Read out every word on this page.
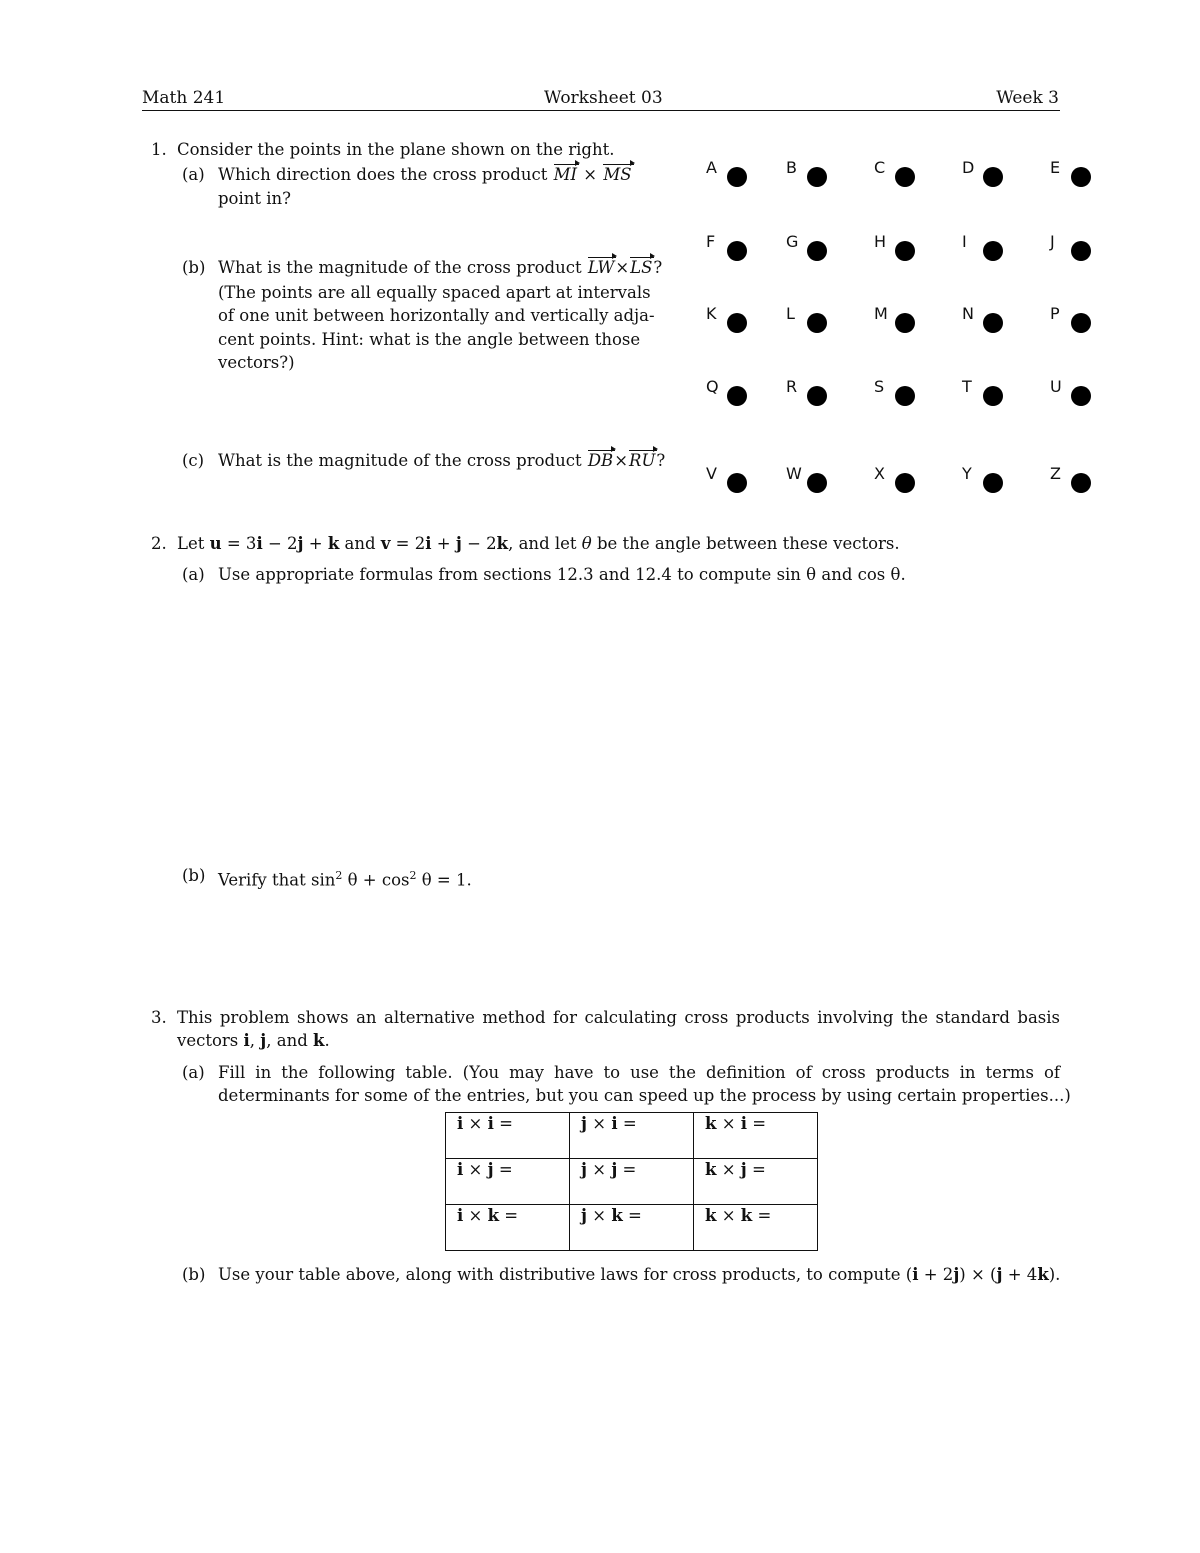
Math 241	Worksheet 03	Week 3
1. Consider the points in the plane shown on the right.
(a) Which direction does the cross product MI × MS
point in?
(b) What is the magnitude of the cross product LW×LS?
(The points are all equally spaced apart at intervals
of one unit between horizontally and vertically adja-
cent points. Hint: what is the angle between those
vectors?)
(c) What is the magnitude of the cross product DB×RU?
A	B	C	D	E
F	G	H	I	J
K	L	M	N	P
Q	R	S	T	U
V	W	X	Y	Z
2. Let u = 3i − 2j + k and v = 2i + j − 2k, and let θ be the angle between these vectors.
(a) Use appropriate formulas from sections 12.3 and 12.4 to compute sin θ and cos θ.
(b) Verify that $\sin^2 \theta + \cos^2 \theta = 1$.
3. This problem shows an alternative method for calculating cross products involving the standard basis
vectors i, j, and k.
(a) Fill in the following table. (You may have to use the definition of cross products in terms of
determinants for some of the entries, but you can speed up the process by using certain properties...)
i × i =	j × i =	k × i =
i × j =	j × j =	k × j =
i × k =	j × k =	k × k =
(b) Use your table above, along with distributive laws for cross products, to compute (i + 2j) × (j + 4k).
